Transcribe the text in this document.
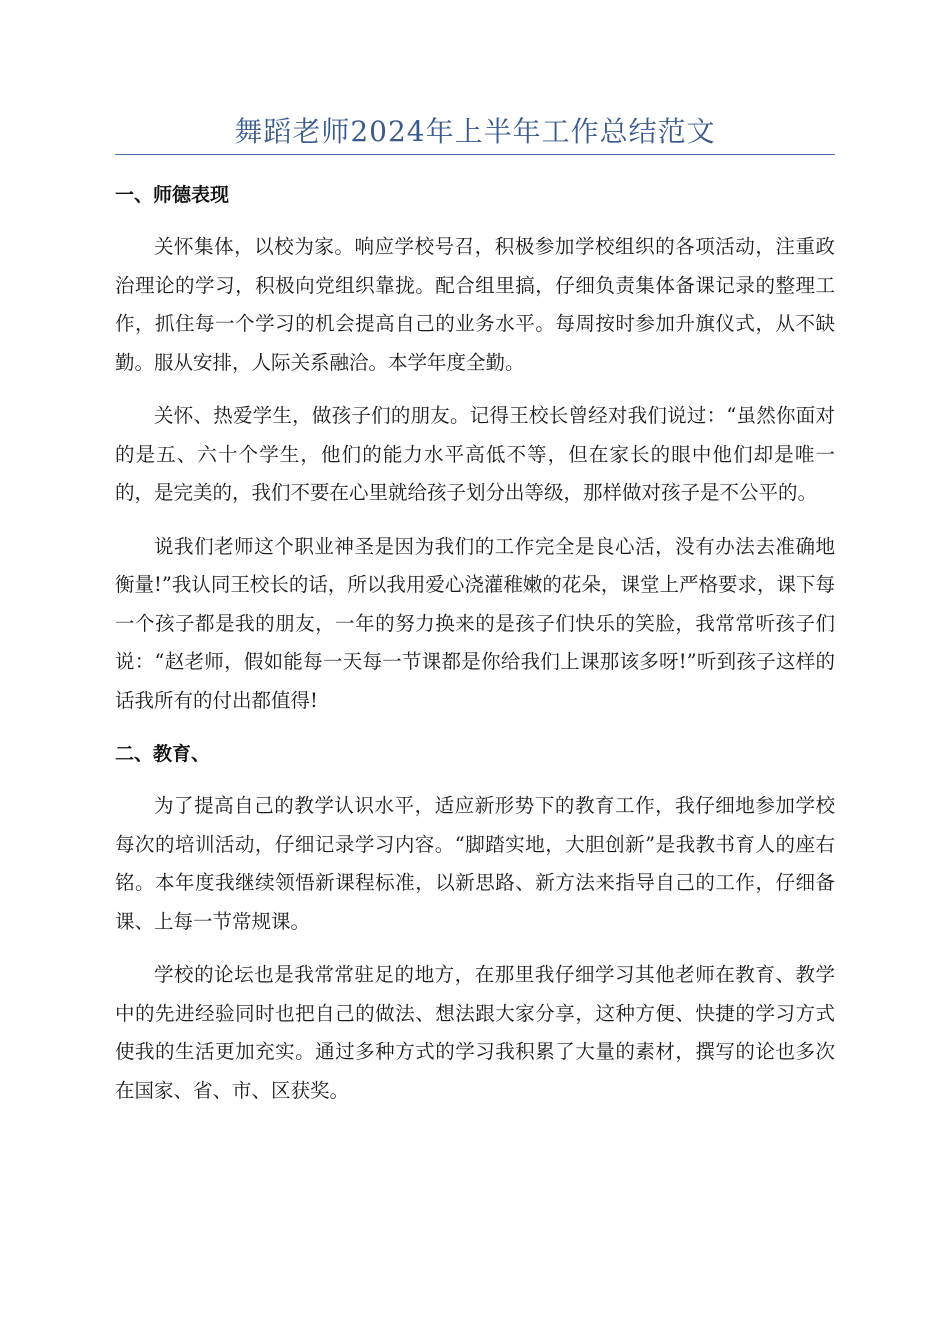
舞蹈老师2024年上半年工作总结范文
一、师德表现

关怀集体，以校为家。响应学校号召，积极参加学校组织的各项活动，注重政治理论的学习，积极向党组织靠拢。配合组里搞，仔细负责集体备课记录的整理工作，抓住每一个学习的机会提高自己的业务水平。每周按时参加升旗仪式，从不缺勤。服从安排，人际关系融洽。本学年度全勤。

关怀、热爱学生，做孩子们的朋友。记得王校长曾经对我们说过：“虽然你面对的是五、六十个学生，他们的能力水平高低不等，但在家长的眼中他们却是唯一的，是完美的，我们不要在心里就给孩子划分出等级，那样做对孩子是不公平的。

说我们老师这个职业神圣是因为我们的工作完全是良心活，没有办法去准确地衡量!”我认同王校长的话，所以我用爱心浇灌稚嫩的花朵，课堂上严格要求，课下每一个孩子都是我的朋友，一年的努力换来的是孩子们快乐的笑脸，我常常听孩子们说：“赵老师，假如能每一天每一节课都是你给我们上课那该多呀!”听到孩子这样的话我所有的付出都值得!

二、教育、

为了提高自己的教学认识水平，适应新形势下的教育工作，我仔细地参加学校每次的培训活动，仔细记录学习内容。“脚踏实地，大胆创新”是我教书育人的座右铭。本年度我继续领悟新课程标准，以新思路、新方法来指导自己的工作，仔细备课、上每一节常规课。

学校的论坛也是我常常驻足的地方，在那里我仔细学习其他老师在教育、教学中的先进经验同时也把自己的做法、想法跟大家分享，这种方便、快捷的学习方式使我的生活更加充实。通过多种方式的学习我积累了大量的素材，撰写的论也多次在国家、省、市、区获奖。
